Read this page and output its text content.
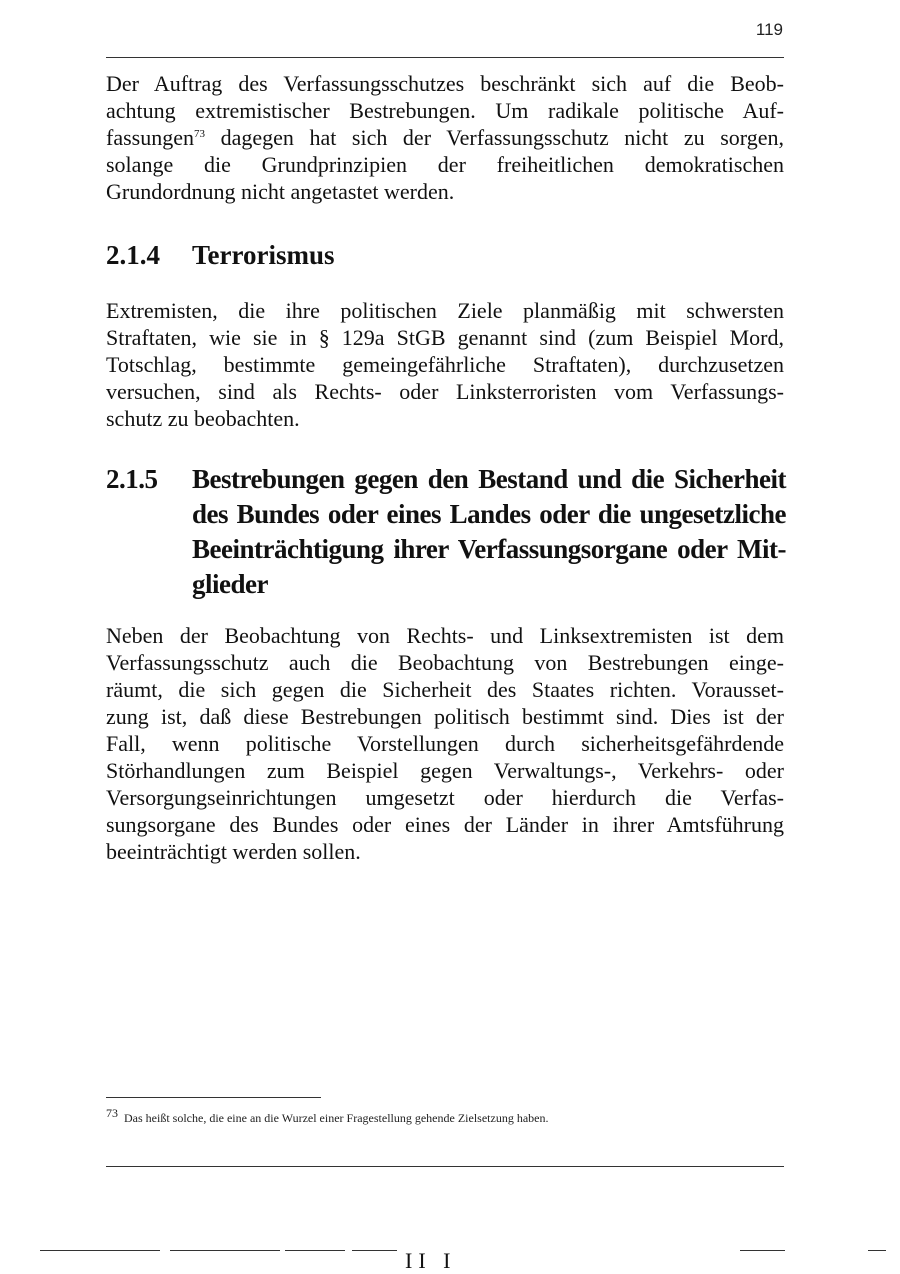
119
Der Auftrag des Verfassungsschutzes beschränkt sich auf die Beob-
achtung extremistischer Bestrebungen. Um radikale politische Auf-
fassungen$^{73}$ dagegen hat sich der Verfassungsschutz nicht zu sorgen,
solange die Grundprinzipien der freiheitlichen demokratischen
Grundordnung nicht angetastet werden.
2.1.4 Terrorismus
Extremisten, die ihre politischen Ziele planmäßig mit schwersten
Straftaten, wie sie in § 129a StGB genannt sind (zum Beispiel Mord,
Totschlag, bestimmte gemeingefährliche Straftaten), durchzusetzen
versuchen, sind als Rechts- oder Linksterroristen vom Verfassungs-
schutz zu beobachten.
2.1.5 Bestrebungen gegen den Bestand und die Sicherheit
des Bundes oder eines Landes oder die ungesetzliche
Beeinträchtigung ihrer Verfassungsorgane oder Mit-
glieder
Neben der Beobachtung von Rechts- und Linksextremisten ist dem
Verfassungsschutz auch die Beobachtung von Bestrebungen einge-
räumt, die sich gegen die Sicherheit des Staates richten. Vorausset-
zung ist, daß diese Bestrebungen politisch bestimmt sind. Dies ist der
Fall, wenn politische Vorstellungen durch sicherheitsgefährdende
Störhandlungen zum Beispiel gegen Verwaltungs-, Verkehrs- oder
Versorgungseinrichtungen umgesetzt oder hierdurch die Verfas-
sungsorgane des Bundes oder eines der Länder in ihrer Amtsführung
beeinträchtigt werden sollen.
$^{73}$ Das heißt solche, die eine an die Wurzel einer Fragestellung gehende Zielsetzung haben.
II I
